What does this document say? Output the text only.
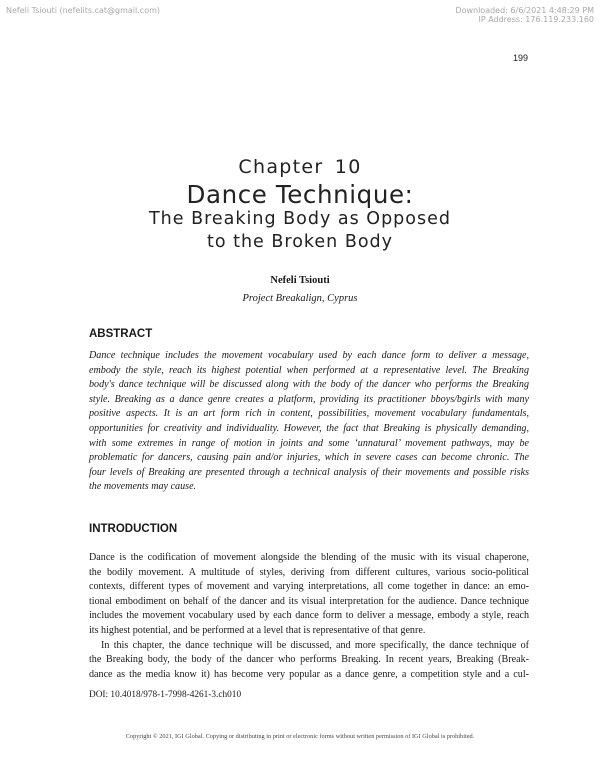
Nefeli Tsiouti (nefelits.cat@gmail.com)	Downloaded: 6/6/2021 4:48:29 PM
IP Address: 176.119.233.160
199
Chapter 10
Dance Technique:
The Breaking Body as Opposed
to the Broken Body
Nefeli Tsiouti
Project Breakalign, Cyprus
ABSTRACT

Dance technique includes the movement vocabulary used by each dance form to deliver a message,

embody the style, reach its highest potential when performed at a representative level. The Breaking

body's dance technique will be discussed along with the body of the dancer who performs the Breaking

style. Breaking as a dance genre creates a platform, providing its practitioner bboys/bgirls with many

positive aspects. It is an art form rich in content, possibilities, movement vocabulary fundamentals,

opportunities for creativity and individuality. However, the fact that Breaking is physically demanding,

with some extremes in range of motion in joints and some ‘unnatural’ movement pathways, may be

problematic for dancers, causing pain and/or injuries, which in severe cases can become chronic. The

four levels of Breaking are presented through a technical analysis of their movements and possible risks

the movements may cause.

INTRODUCTION

Dance is the codification of movement alongside the blending of the music with its visual chaperone,

the bodily movement. A multitude of styles, deriving from different cultures, various socio-political

contexts, different types of movement and varying interpretations, all come together in dance: an emo-

tional embodiment on behalf of the dancer and its visual interpretation for the audience. Dance technique

includes the movement vocabulary used by each dance form to deliver a message, embody a style, reach

its highest potential, and be performed at a level that is representative of that genre.

In this chapter, the dance technique will be discussed, and more specifically, the dance technique of

the Breaking body, the body of the dancer who performs Breaking. In recent years, Breaking (Break-

dance as the media know it) has become very popular as a dance genre, a competition style and a cul-

DOI: 10.4018/978-1-7998-4261-3.ch010
Copyright © 2021, IGI Global. Copying or distributing in print or electronic forms without written permission of IGI Global is prohibited.
